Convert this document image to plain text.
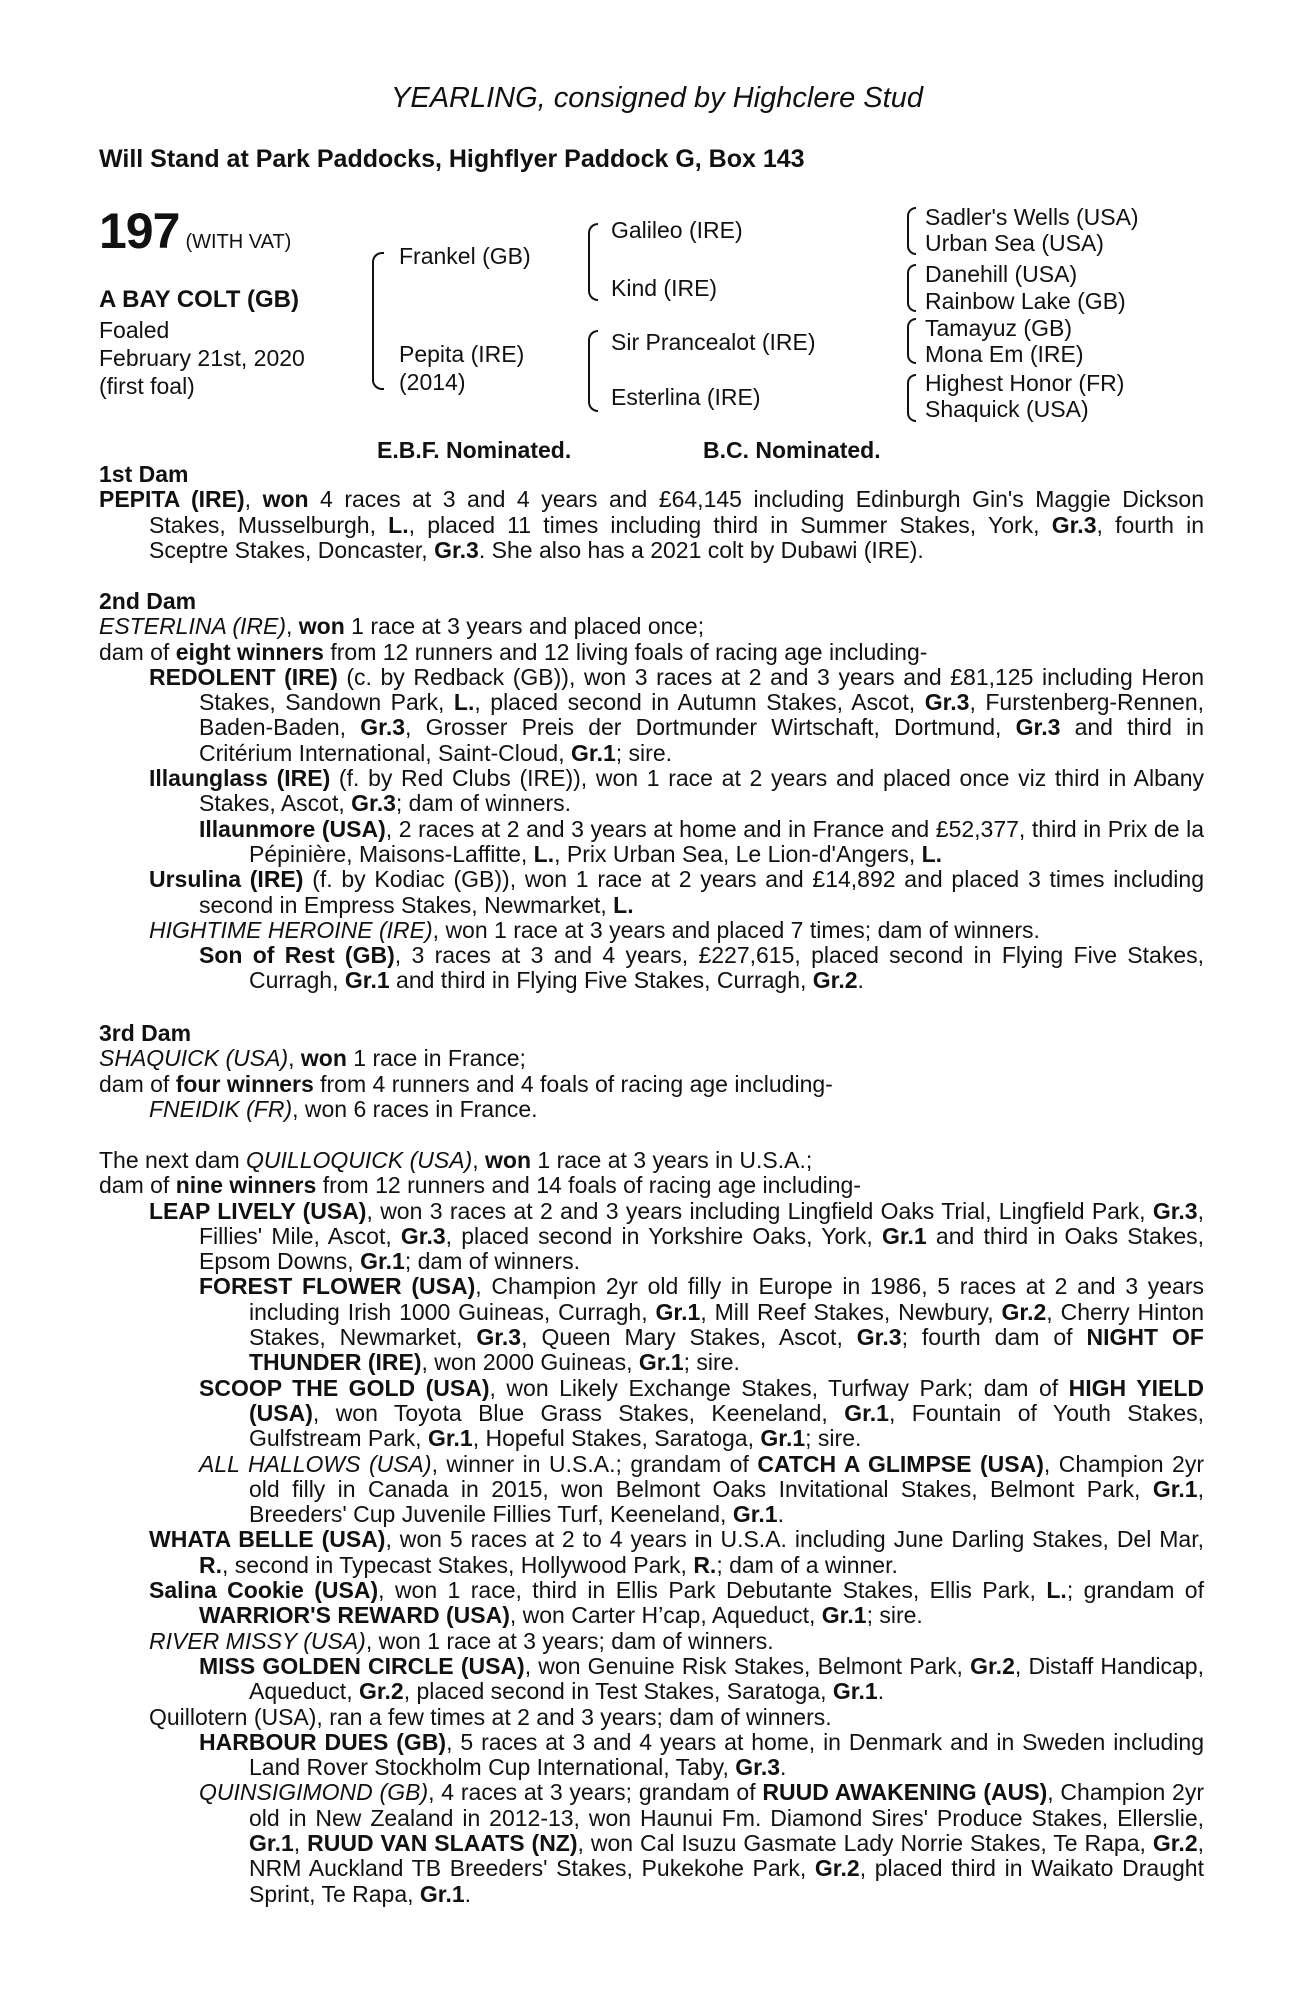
YEARLING, consigned by Highclere Stud
Will Stand at Park Paddocks, Highflyer Paddock G, Box 143
197 (WITH VAT)
A BAY COLT (GB)
Foaled
February 21st, 2020
(first foal)
Frankel (GB)
Pepita (IRE)
(2014)
Galileo (IRE)
Kind (IRE)
Sir Prancealot (IRE)
Esterlina (IRE)
Sadler's Wells (USA)
Urban Sea (USA)
Danehill (USA)
Rainbow Lake (GB)
Tamayuz (GB)
Mona Em (IRE)
Highest Honor (FR)
Shaquick (USA)
E.B.F. Nominated.	B.C. Nominated.
1st Dam

PEPITA (IRE), won 4 races at 3 and 4 years and £64,145 including Edinburgh Gin's Maggie Dickson Stakes, Musselburgh, L., placed 11 times including third in Summer Stakes, York, Gr.3, fourth in Sceptre Stakes, Doncaster, Gr.3. She also has a 2021 colt by Dubawi (IRE).

2nd Dam

ESTERLINA (IRE), won 1 race at 3 years and placed once;

dam of eight winners from 12 runners and 12 living foals of racing age including-

REDOLENT (IRE) (c. by Redback (GB)), won 3 races at 2 and 3 years and £81,125 including Heron Stakes, Sandown Park, L., placed second in Autumn Stakes, Ascot, Gr.3, Furstenberg-Rennen, Baden-Baden, Gr.3, Grosser Preis der Dortmunder Wirtschaft, Dortmund, Gr.3 and third in Critérium International, Saint-Cloud, Gr.1; sire.

Illaunglass (IRE) (f. by Red Clubs (IRE)), won 1 race at 2 years and placed once viz third in Albany Stakes, Ascot, Gr.3; dam of winners.

Illaunmore (USA), 2 races at 2 and 3 years at home and in France and £52,377, third in Prix de la Pépinière, Maisons-Laffitte, L., Prix Urban Sea, Le Lion-d'Angers, L.

Ursulina (IRE) (f. by Kodiac (GB)), won 1 race at 2 years and £14,892 and placed 3 times including second in Empress Stakes, Newmarket, L.

HIGHTIME HEROINE (IRE), won 1 race at 3 years and placed 7 times; dam of winners.

Son of Rest (GB), 3 races at 3 and 4 years, £227,615, placed second in Flying Five Stakes, Curragh, Gr.1 and third in Flying Five Stakes, Curragh, Gr.2.

3rd Dam

SHAQUICK (USA), won 1 race in France;

dam of four winners from 4 runners and 4 foals of racing age including-

FNEIDIK (FR), won 6 races in France.

The next dam QUILLOQUICK (USA), won 1 race at 3 years in U.S.A.;

dam of nine winners from 12 runners and 14 foals of racing age including-

LEAP LIVELY (USA), won 3 races at 2 and 3 years including Lingfield Oaks Trial, Lingfield Park, Gr.3, Fillies' Mile, Ascot, Gr.3, placed second in Yorkshire Oaks, York, Gr.1 and third in Oaks Stakes, Epsom Downs, Gr.1; dam of winners.

FOREST FLOWER (USA), Champion 2yr old filly in Europe in 1986, 5 races at 2 and 3 years including Irish 1000 Guineas, Curragh, Gr.1, Mill Reef Stakes, Newbury, Gr.2, Cherry Hinton Stakes, Newmarket, Gr.3, Queen Mary Stakes, Ascot, Gr.3; fourth dam of NIGHT OF THUNDER (IRE), won 2000 Guineas, Gr.1; sire.

SCOOP THE GOLD (USA), won Likely Exchange Stakes, Turfway Park; dam of HIGH YIELD (USA), won Toyota Blue Grass Stakes, Keeneland, Gr.1, Fountain of Youth Stakes, Gulfstream Park, Gr.1, Hopeful Stakes, Saratoga, Gr.1; sire.

ALL HALLOWS (USA), winner in U.S.A.; grandam of CATCH A GLIMPSE (USA), Champion 2yr old filly in Canada in 2015, won Belmont Oaks Invitational Stakes, Belmont Park, Gr.1, Breeders' Cup Juvenile Fillies Turf, Keeneland, Gr.1.

WHATA BELLE (USA), won 5 races at 2 to 4 years in U.S.A. including June Darling Stakes, Del Mar, R., second in Typecast Stakes, Hollywood Park, R.; dam of a winner.

Salina Cookie (USA), won 1 race, third in Ellis Park Debutante Stakes, Ellis Park, L.; grandam of WARRIOR'S REWARD (USA), won Carter H’cap, Aqueduct, Gr.1; sire.

RIVER MISSY (USA), won 1 race at 3 years; dam of winners.

MISS GOLDEN CIRCLE (USA), won Genuine Risk Stakes, Belmont Park, Gr.2, Distaff Handicap, Aqueduct, Gr.2, placed second in Test Stakes, Saratoga, Gr.1.

Quillotern (USA), ran a few times at 2 and 3 years; dam of winners.

HARBOUR DUES (GB), 5 races at 3 and 4 years at home, in Denmark and in Sweden including Land Rover Stockholm Cup International, Taby, Gr.3.

QUINSIGIMOND (GB), 4 races at 3 years; grandam of RUUD AWAKENING (AUS), Champion 2yr old in New Zealand in 2012-13, won Haunui Fm. Diamond Sires' Produce Stakes, Ellerslie, Gr.1, RUUD VAN SLAATS (NZ), won Cal Isuzu Gasmate Lady Norrie Stakes, Te Rapa, Gr.2, NRM Auckland TB Breeders' Stakes, Pukekohe Park, Gr.2, placed third in Waikato Draught Sprint, Te Rapa, Gr.1.
